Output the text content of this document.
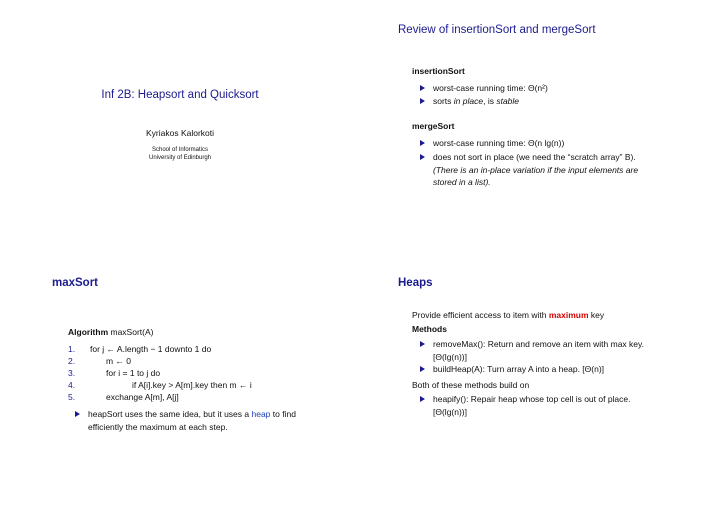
Inf 2B: Heapsort and Quicksort
Kyriakos Kalorkoti
School of Informatics
University of Edinburgh
Review of insertionSort and mergeSort
insertionSort
worst-case running time: Θ(n²)
sorts in place, is stable
mergeSort
worst-case running time: Θ(n lg(n))
does not sort in place (we need the “scratch array” B).
(There is an in-place variation if the input elements are
stored in a list).
maxSort
Algorithm maxSort(A)
1. for j ← A.length − 1 downto 1 do
2.	m ← 0
3.	for i = 1 to j do
4.	if A[i].key > A[m].key then m ← i
5.	exchange A[m], A[j]
heapSort uses the same idea, but it uses a heap to find
efficiently the maximum at each step.
Heaps
Provide efficient access to item with maximum key
Methods
removeMax(): Return and remove an item with max key.
[Θ(lg(n))]
buildHeap(A): Turn array A into a heap. [Θ(n)]
Both of these methods build on
heapify(): Repair heap whose top cell is out of place.
[Θ(lg(n))]
